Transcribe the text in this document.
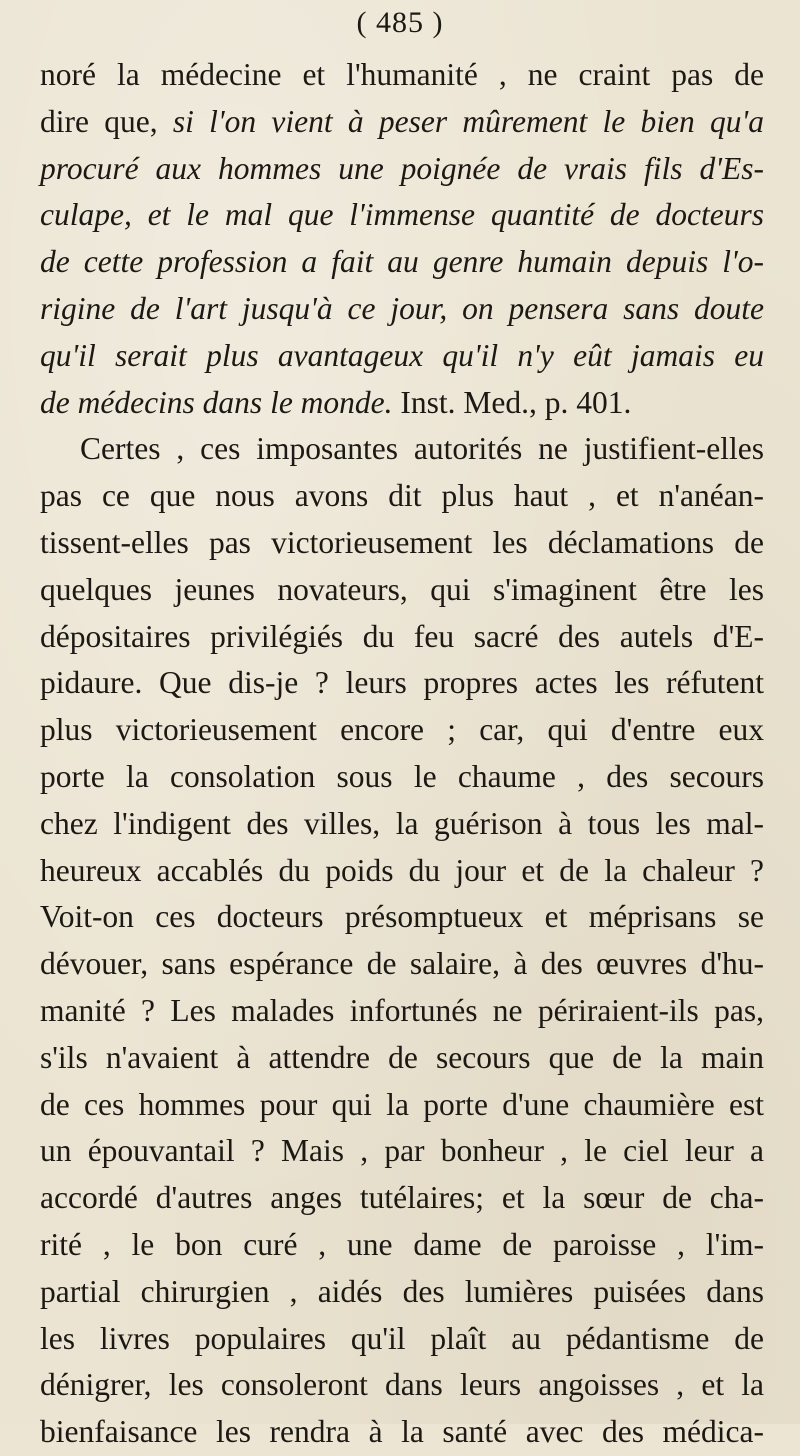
( 485 )
noré la médecine et l'humanité , ne craint pas de
dire que, si l'on vient à peser mûrement le bien qu'a
procuré aux hommes une poignée de vrais fils d'Es-
culape, et le mal que l'immense quantité de docteurs
de cette profession a fait au genre humain depuis l'o-
rigine de l'art jusqu'à ce jour, on pensera sans doute
qu'il serait plus avantageux qu'il n'y eût jamais eu
de médecins dans le monde. Inst. Med., p. 401.
Certes , ces imposantes autorités ne justifient-elles
pas ce que nous avons dit plus haut , et n'anéan-
tissent-elles pas victorieusement les déclamations de
quelques jeunes novateurs, qui s'imaginent être les
dépositaires privilégiés du feu sacré des autels d'E-
pidaure. Que dis-je ? leurs propres actes les réfutent
plus victorieusement encore ; car, qui d'entre eux
porte la consolation sous le chaume , des secours
chez l'indigent des villes, la guérison à tous les mal-
heureux accablés du poids du jour et de la chaleur ?
Voit-on ces docteurs présomptueux et méprisans se
dévouer, sans espérance de salaire, à des œuvres d'hu-
manité ? Les malades infortunés ne périraient-ils pas,
s'ils n'avaient à attendre de secours que de la main
de ces hommes pour qui la porte d'une chaumière est
un épouvantail ? Mais , par bonheur , le ciel leur a
accordé d'autres anges tutélaires; et la sœur de cha-
rité , le bon curé , une dame de paroisse , l'im-
partial chirurgien , aidés des lumières puisées dans
les livres populaires qu'il plaît au pédantisme de
dénigrer, les consoleront dans leurs angoisses , et la
bienfaisance les rendra à la santé avec des médica-
